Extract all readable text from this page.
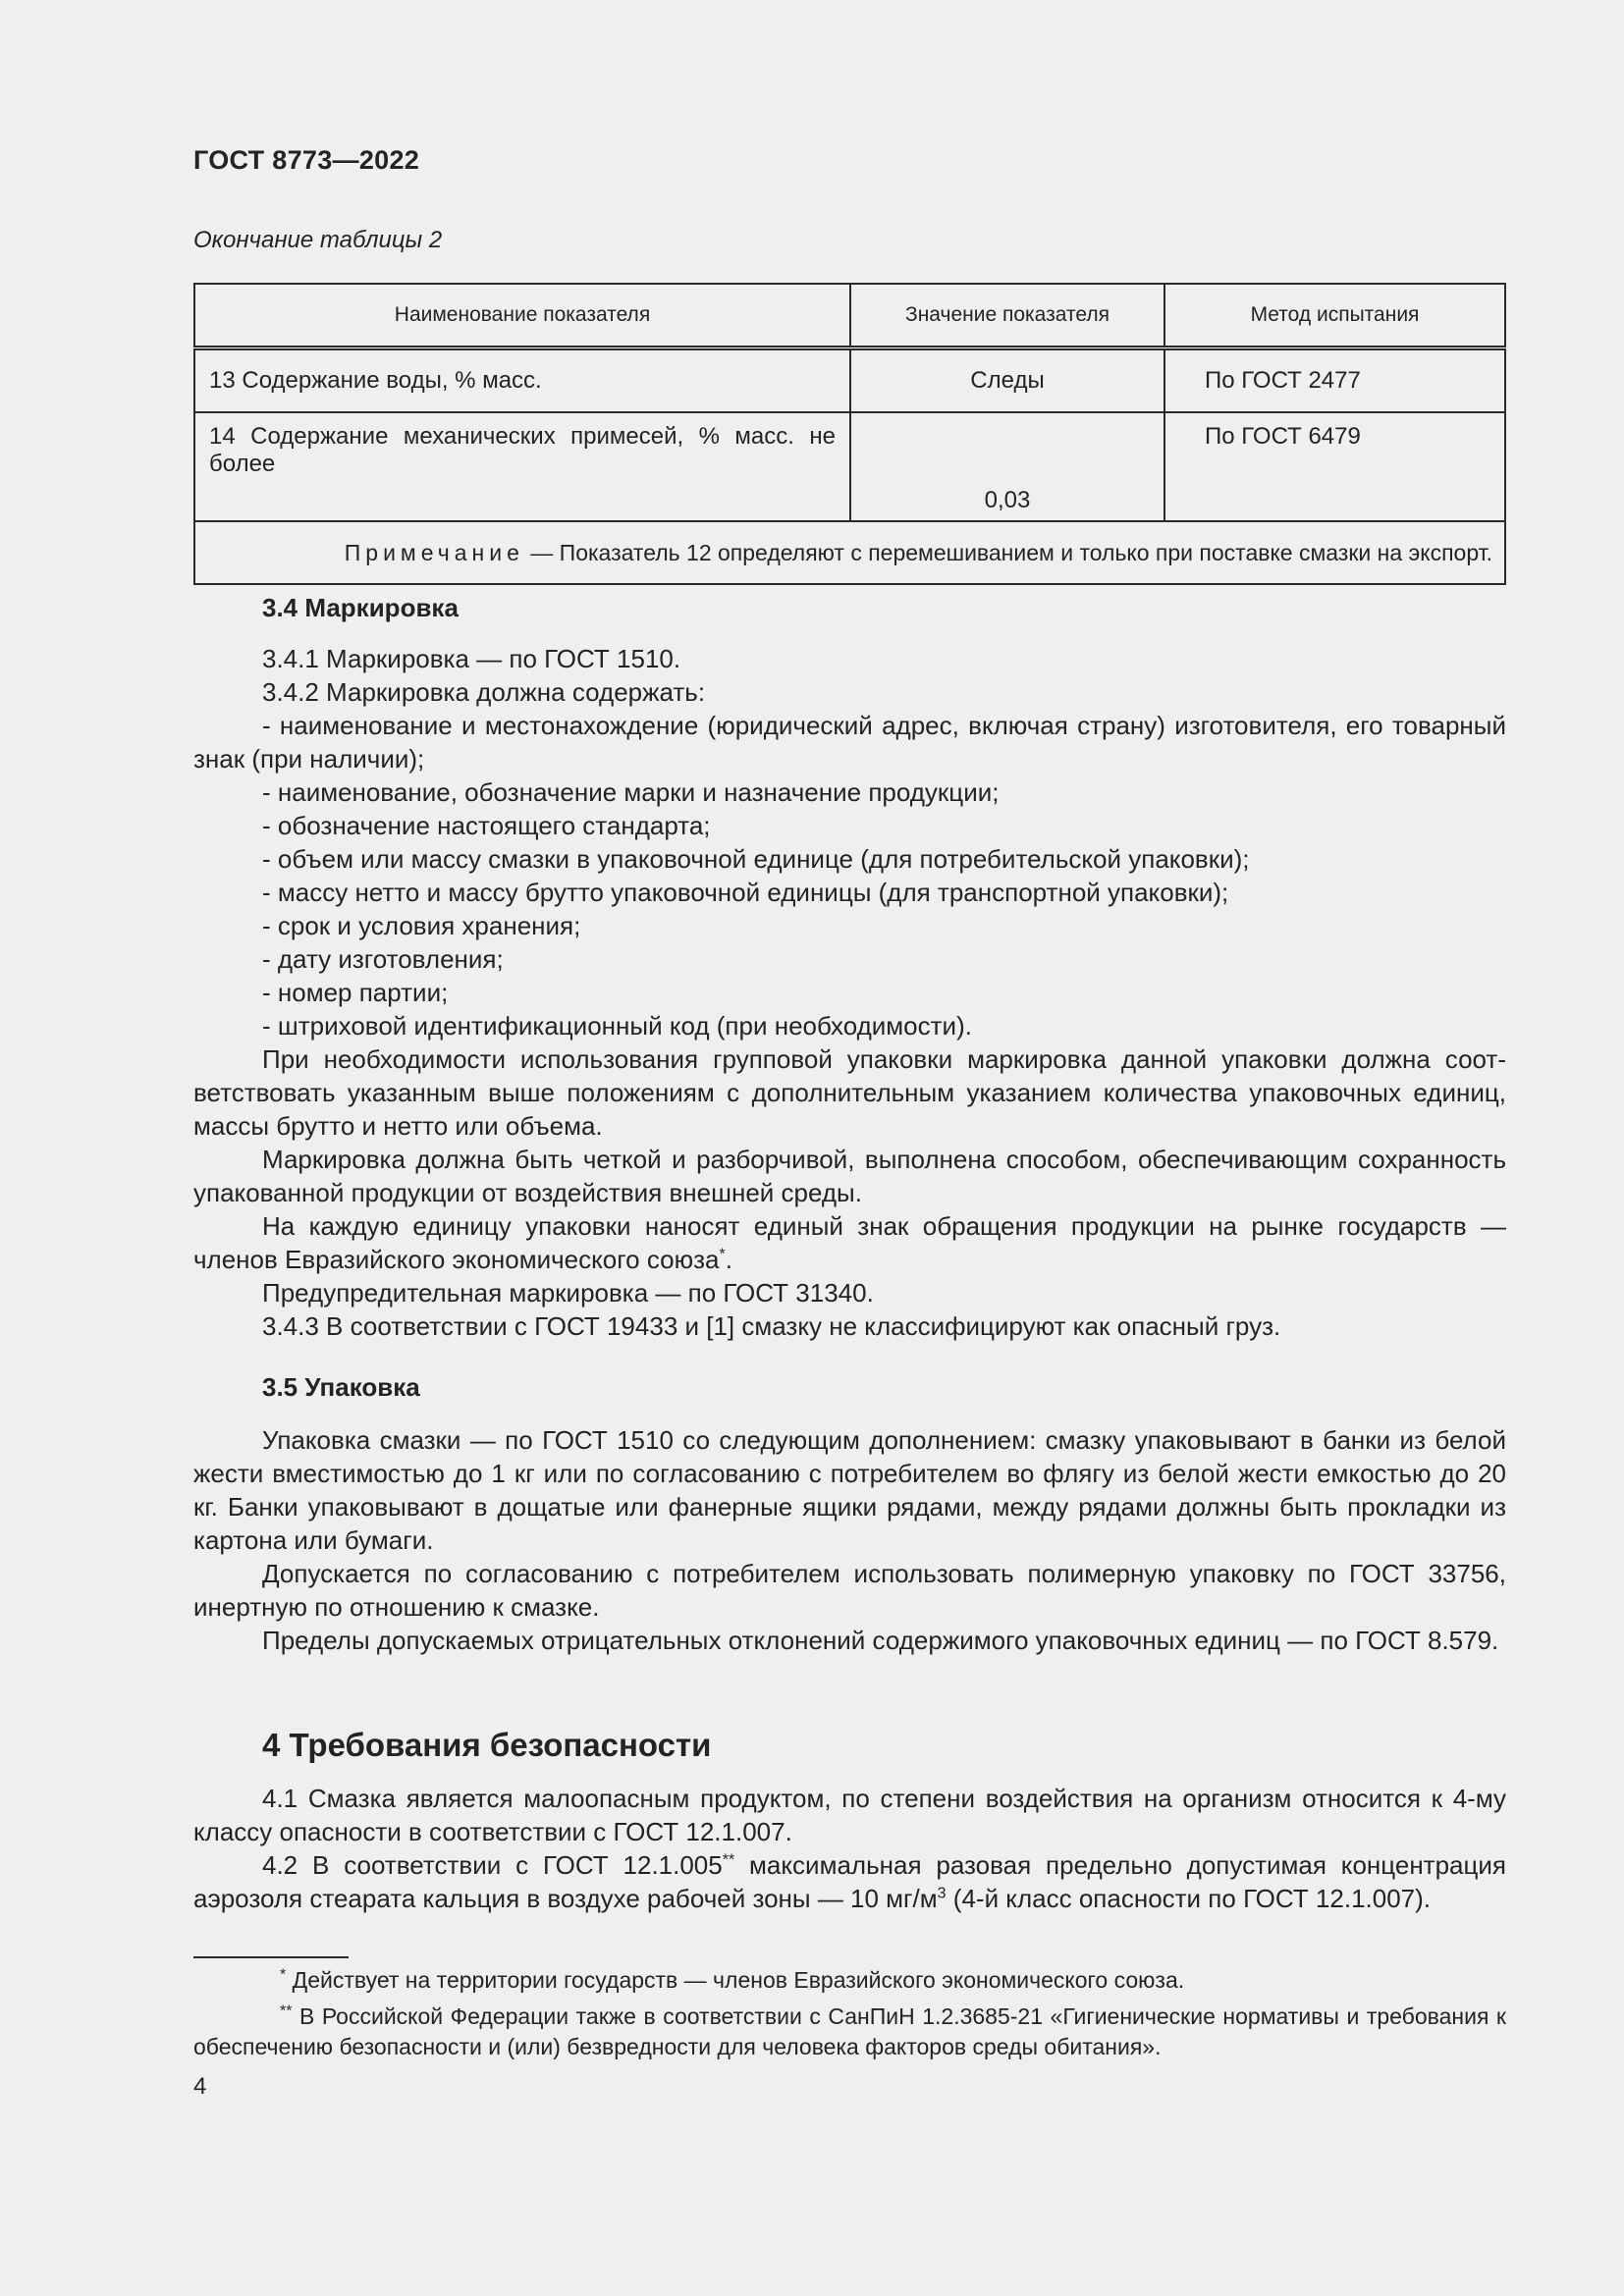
ГОСТ 8773—2022
Окончание таблицы 2
Наименование показателя	Значение показателя	Метод испытания
13 Содержание воды, % масс.	Следы	По ГОСТ 2477
14 Содержание механических примесей, % масс. не более	0,03	По ГОСТ 6479
Примечание — Показатель 12 определяют с перемешиванием и только при поставке смазки на экспорт.		

3.4 Маркировка

3.4.1 Маркировка — по ГОСТ 1510.

3.4.2 Маркировка должна содержать:

- наименование и местонахождение (юридический адрес, включая страну) изготовителя, его товарный знак (при наличии);

- наименование, обозначение марки и назначение продукции;

- обозначение настоящего стандарта;

- объем или массу смазки в упаковочной единице (для потребительской упаковки);

- массу нетто и массу брутто упаковочной единицы (для транспортной упаковки);

- срок и условия хранения;

- дату изготовления;

- номер партии;

- штриховой идентификационный код (при необходимости).

При необходимости использования групповой упаковки маркировка данной упаковки должна соответствовать указанным выше положениям с дополнительным указанием количества упаковочных единиц, массы брутто и нетто или объема.

Маркировка должна быть четкой и разборчивой, выполнена способом, обеспечивающим сохранность упакованной продукции от воздействия внешней среды.

На каждую единицу упаковки наносят единый знак обращения продукции на рынке государств — членов Евразийского экономического союза*.

Предупредительная маркировка — по ГОСТ 31340.

3.4.3 В соответствии с ГОСТ 19433 и [1] смазку не классифицируют как опасный груз.

3.5 Упаковка

Упаковка смазки — по ГОСТ 1510 со следующим дополнением: смазку упаковывают в банки из белой жести вместимостью до 1 кг или по согласованию с потребителем во флягу из белой жести емкостью до 20 кг. Банки упаковывают в дощатые или фанерные ящики рядами, между рядами должны быть прокладки из картона или бумаги.

Допускается по согласованию с потребителем использовать полимерную упаковку по ГОСТ 33756, инертную по отношению к смазке.

Пределы допускаемых отрицательных отклонений содержимого упаковочных единиц — по ГОСТ 8.579.

4 Требования безопасности

4.1 Смазка является малоопасным продуктом, по степени воздействия на организм относится к 4-му классу опасности в соответствии с ГОСТ 12.1.007.

4.2 В соответствии с ГОСТ 12.1.005** максимальная разовая предельно допустимая концентрация аэрозоля стеарата кальция в воздухе рабочей зоны — 10 $мг/м^3$ (4-й класс опасности по ГОСТ 12.1.007).

* Действует на территории государств — членов Евразийского экономического союза.

** В Российской Федерации также в соответствии с СанПиН 1.2.3685-21 «Гигиенические нормативы и требования к обеспечению безопасности и (или) безвредности для человека факторов среды обитания».

4
